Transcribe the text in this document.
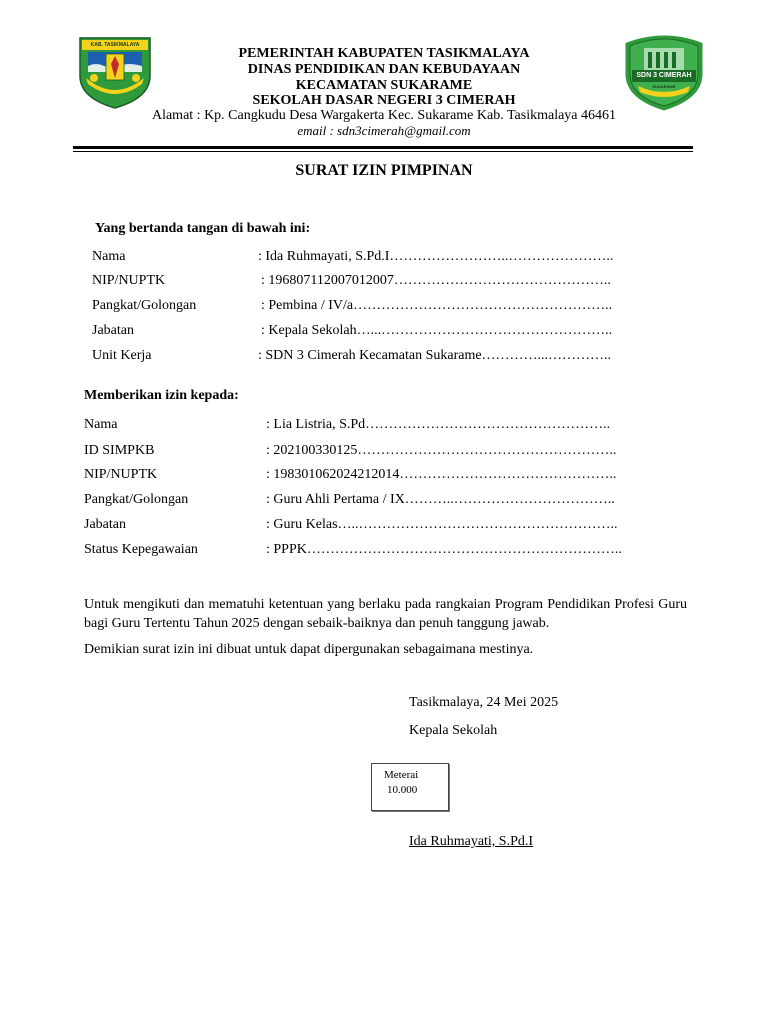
KAB. TASIKMALAYA
SDN 3 CIMERAH
SUKARAME
PEMERINTAH KABUPATEN TASIKMALAYA
DINAS PENDIDIKAN DAN KEBUDAYAAN
KECAMATAN SUKARAME
SEKOLAH DASAR NEGERI 3 CIMERAH
Alamat : Kp. Cangkudu Desa Wargakerta Kec. Sukarame Kab. Tasikmalaya 46461
email : sdn3cimerah@gmail.com
SURAT IZIN PIMPINAN
Yang bertanda tangan di bawah ini:
Nama	: Ida Ruhmayati, S.Pd.I……………………..…………………..
NIP/NUPTK	: 196807112007012007………………………………………..
Pangkat/Golongan	: Pembina / IV/a………………………………………………..
Jabatan	: Kepala Sekolah…...…………………………………………..
Unit Kerja	: SDN 3 Cimerah Kecamatan Sukarame…………...…………..
Memberikan izin kepada:
Nama	: Lia Listria, S.Pd……………………………………………..
ID SIMPKB	: 202100330125………………………………………………..
NIP/NUPTK	: 198301062024212014………………………………………..
Pangkat/Golongan	: Guru Ahli Pertama / IX………..……………………………..
Jabatan	: Guru Kelas…..………………………………………………..
Status Kepegawaian	: PPPK…………………………………………………………..
Untuk mengikuti dan mematuhi ketentuan yang berlaku pada rangkaian Program Pendidikan Profesi Guru bagi Guru Tertentu Tahun 2025 dengan sebaik-baiknya dan penuh tanggung jawab.
Demikian surat izin ini dibuat untuk dapat dipergunakan sebagaimana mestinya.
Tasikmalaya, 24 Mei 2025
Kepala Sekolah
Meterai
10.000
Ida Ruhmayati, S.Pd.I
